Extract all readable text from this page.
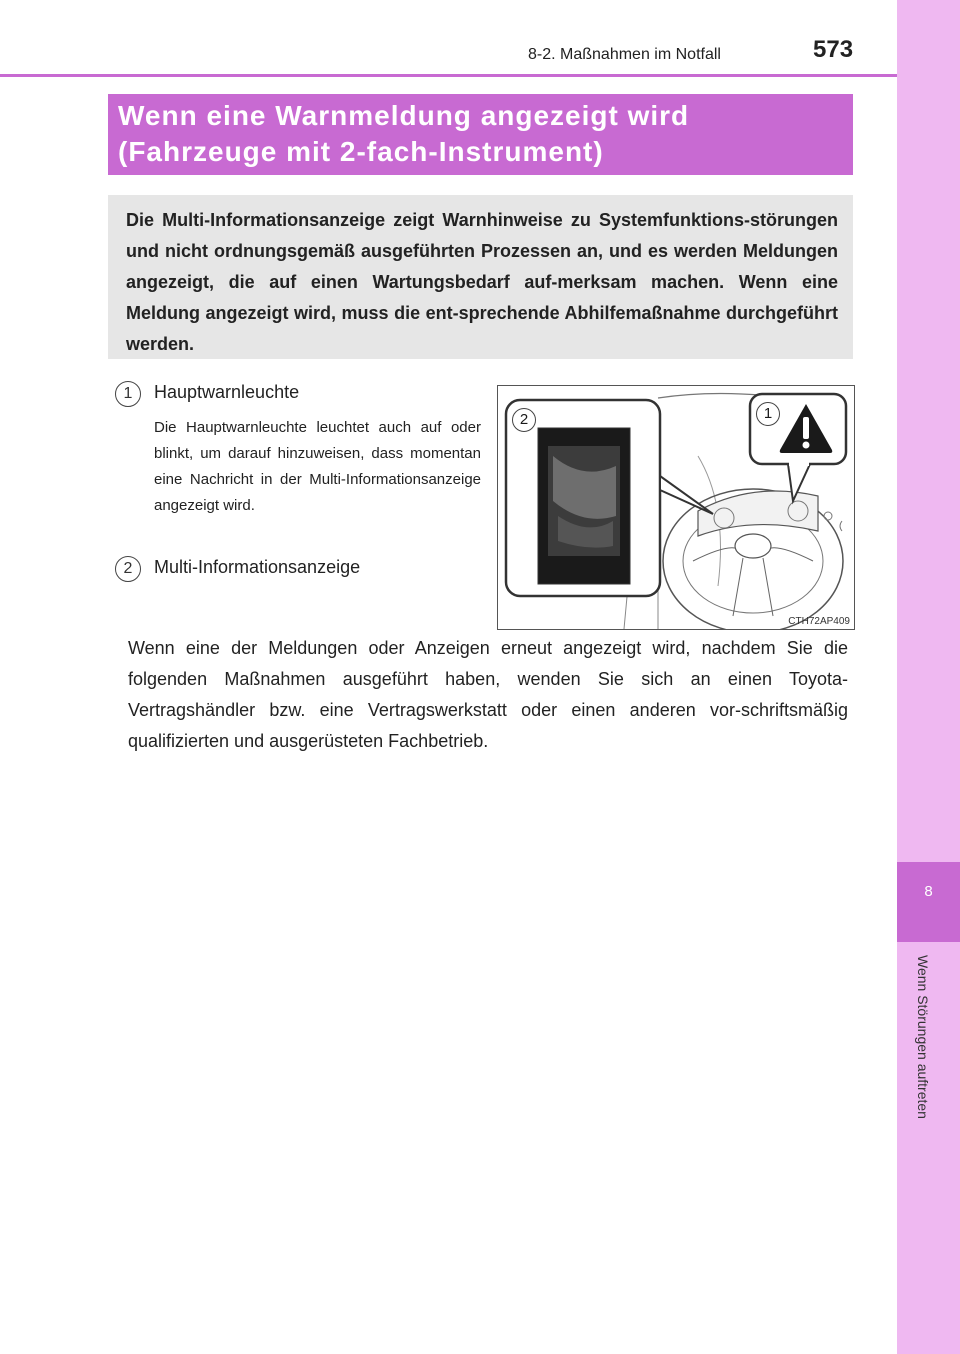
8-2. Maßnahmen im Notfall	573
8
Wenn Störungen auftreten
Wenn eine Warnmeldung angezeigt wird
(Fahrzeuge mit 2-fach-Instrument)

Die Multi-Informationsanzeige zeigt Warnhinweise zu Systemfunktions-störungen und nicht ordnungsgemäß ausgeführten Prozessen an, und es werden Meldungen angezeigt, die auf einen Wartungsbedarf auf-merksam machen. Wenn eine Meldung angezeigt wird, muss die ent-sprechende Abhilfemaßnahme durchgeführt werden.

1	Hauptwarnleuchte

Die Hauptwarnleuchte leuchtet auch auf oder blinkt, um darauf hinzuweisen, dass momentan eine Nachricht in der Multi-Informationsanzeige angezeigt wird.

2	Multi-Informationsanzeige
2	1
CTH72AP409

Wenn eine der Meldungen oder Anzeigen erneut angezeigt wird, nachdem Sie die folgenden Maßnahmen ausgeführt haben, wenden Sie sich an einen Toyota-Vertragshändler bzw. eine Vertragswerkstatt oder einen anderen vor-schriftsmäßig qualifizierten und ausgerüsteten Fachbetrieb.
